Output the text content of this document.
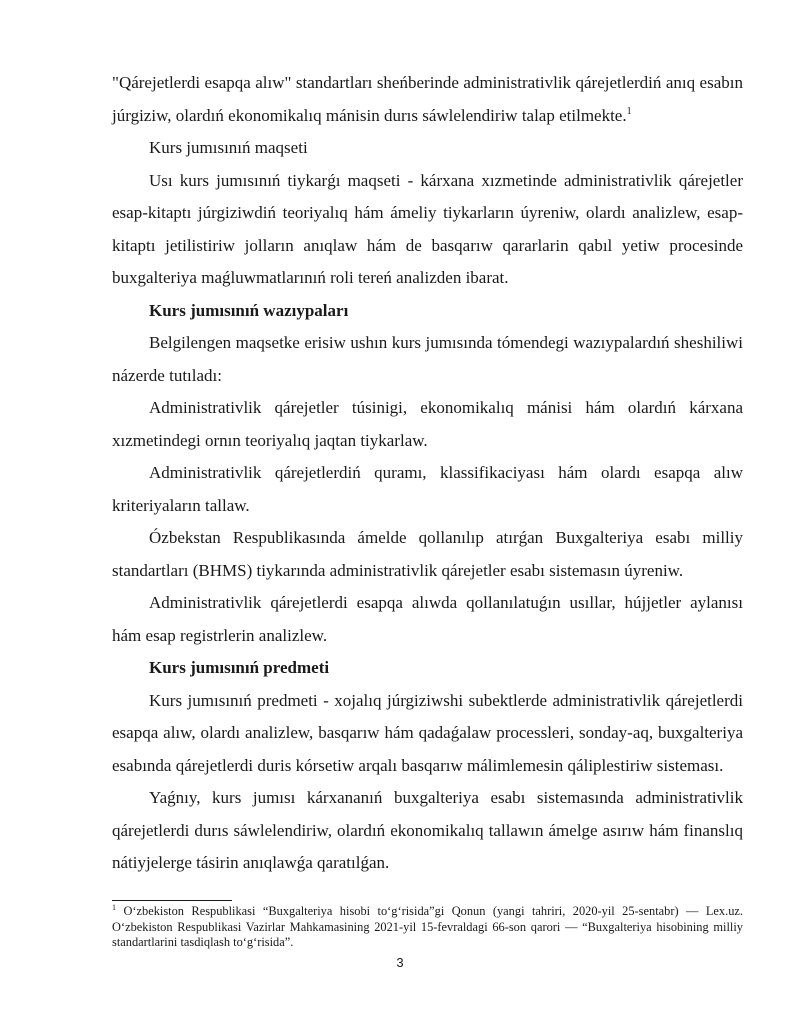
"Qárejetlerdi esapqa alıw" standartları sheńberinde administrativlik qárejetlerdiń anıq esabın júrgiziw, olardıń ekonomikalıq mánisin durıs sáwlelendiriw talap etilmekte.$^1$

Kurs jumısınıń maqseti

Usı kurs jumısınıń tiykarǵı maqseti - kárxana xızmetinde administrativlik qárejetler esap-kitaptı júrgiziwdiń teoriyalıq hám ámeliy tiykarların úyreniw, olardı analizlew, esap-kitaptı jetilistiriw jolların anıqlaw hám de basqarıw qararlarin qabıl yetiw procesinde buxgalteriya maǵluwmatlarınıń roli tereń analizden ibarat.

Kurs jumısınıń wazıypaları

Belgilengen maqsetke erisiw ushın kurs jumısında tómendegi wazıypalardıń sheshiliwi názerde tutıladı:

Administrativlik qárejetler túsinigi, ekonomikalıq mánisi hám olardıń kárxana xızmetindegi ornın teoriyalıq jaqtan tiykarlaw.

Administrativlik qárejetlerdiń quramı, klassifikaciyası hám olardı esapqa alıw kriteriyaların tallaw.

Ózbekstan Respublikasında ámelde qollanılıp atırǵan Buxgalteriya esabı milliy standartları (BHMS) tiykarında administrativlik qárejetler esabı sistemasın úyreniw.

Administrativlik qárejetlerdi esapqa alıwda qollanılatuǵın usıllar, hújjetler aylanısı hám esap registrlerin analizlew.

Kurs jumısınıń predmeti

Kurs jumısınıń predmeti - xojalıq júrgiziwshi subektlerde administrativlik qárejetlerdi esapqa alıw, olardı analizlew, basqarıw hám qadaǵalaw processleri, sonday-aq, buxgalteriya esabında qárejetlerdi duris kórsetiw arqalı basqarıw málimlemesin qáliplestiriw sisteması.

Yaǵnıy, kurs jumısı kárxananıń buxgalteriya esabı sistemasında administrativlik qárejetlerdi durıs sáwlelendiriw, olardıń ekonomikalıq tallawın ámelge asırıw hám finanslıq nátiyjelerge tásirin anıqlawǵa qaratılǵan.

$^1$ Oʻzbekiston Respublikasi “Buxgalteriya hisobi toʻgʻrisida”gi Qonun (yangi tahriri, 2020-yil 25-sentabr) — Lex.uz. Oʻzbekiston Respublikasi Vazirlar Mahkamasining 2021-yil 15-fevraldagi 66-son qarori — “Buxgalteriya hisobining milliy standartlarini tasdiqlash toʻgʻrisida”.

3
